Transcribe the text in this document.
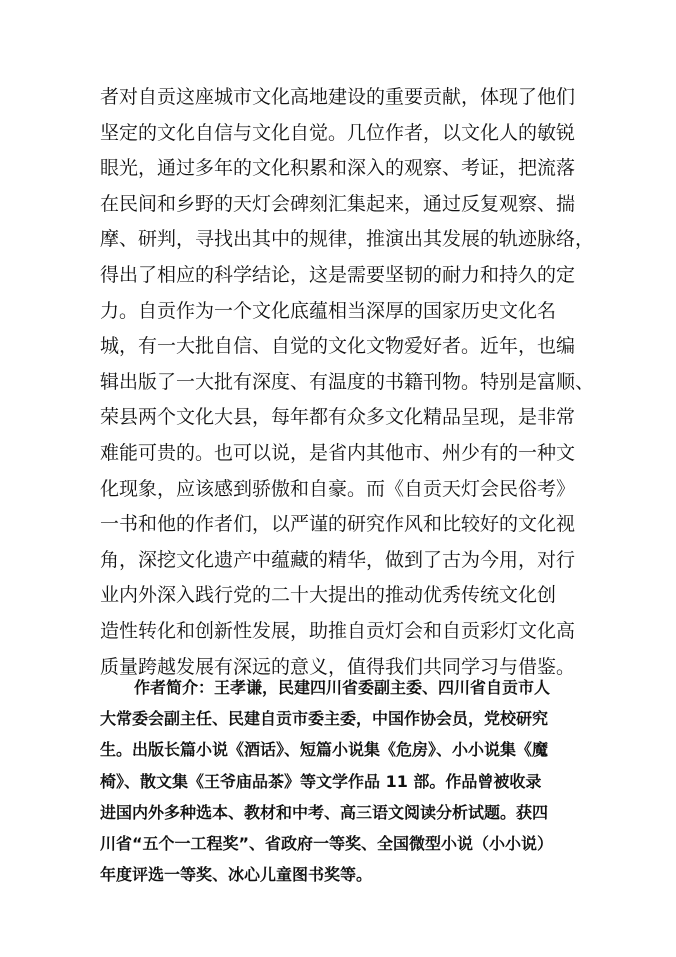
者对自贡这座城市文化高地建设的重要贡献，体现了他们
坚定的文化自信与文化自觉。几位作者，以文化人的敏锐
眼光，通过多年的文化积累和深入的观察、考证，把流落
在民间和乡野的天灯会碑刻汇集起来，通过反复观察、揣
摩、研判，寻找出其中的规律，推演出其发展的轨迹脉络，
得出了相应的科学结论，这是需要坚韧的耐力和持久的定
力。自贡作为一个文化底蕴相当深厚的国家历史文化名
城，有一大批自信、自觉的文化文物爱好者。近年，也编
辑出版了一大批有深度、有温度的书籍刊物。特别是富顺、
荣县两个文化大县，每年都有众多文化精品呈现，是非常
难能可贵的。也可以说，是省内其他市、州少有的一种文
化现象，应该感到骄傲和自豪。而《自贡天灯会民俗考》
一书和他的作者们，以严谨的研究作风和比较好的文化视
角，深挖文化遗产中蕴藏的精华，做到了古为今用，对行
业内外深入践行党的二十大提出的推动优秀传统文化创
造性转化和创新性发展，助推自贡灯会和自贡彩灯文化高
质量跨越发展有深远的意义，值得我们共同学习与借鉴。
作者简介：王孝谦，民建四川省委副主委、四川省自贡市人
大常委会副主任、民建自贡市委主委，中国作协会员，党校研究
生。出版长篇小说《酒话》、短篇小说集《危房》、小小说集《魔
椅》、散文集《王爷庙品茶》等文学作品 11 部。作品曾被收录
进国内外多种选本、教材和中考、高三语文阅读分析试题。获四
川省“五个一工程奖”、省政府一等奖、全国微型小说（小小说）
年度评选一等奖、冰心儿童图书奖等。
